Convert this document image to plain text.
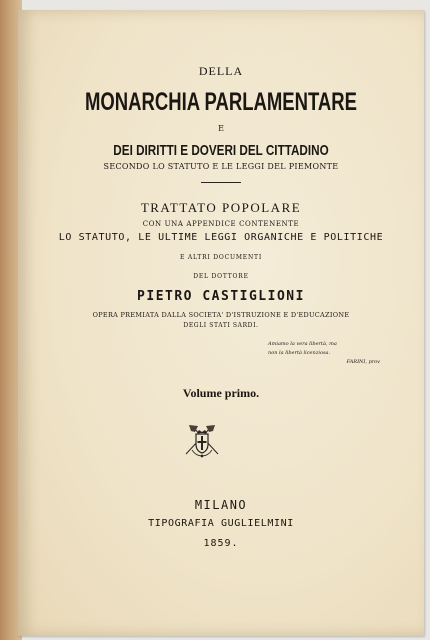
DELLA
MONARCHIA PARLAMENTARE
E
DEI DIRITTI E DOVERI DEL CITTADINO
SECONDO LO STATUTO E LE LEGGI DEL PIEMONTE
TRATTATO POPOLARE
CON UNA APPENDICE CONTENENTE
LO STATUTO, LE ULTIME LEGGI ORGANICHE E POLITICHE
E ALTRI DOCUMENTI
DEL DOTTORE
PIETRO CASTIGLIONI
OPERA PREMIATA DALLA SOCIETA' D'ISTRUZIONE E D'EDUCAZIONE
DEGLI STATI SARDI.
Amiamo la vera libertà, ma
non la libertà licenziosa.
FARINI, prov
Volume primo.
MILANO
TIPOGRAFIA GUGLIELMINI
1859.
